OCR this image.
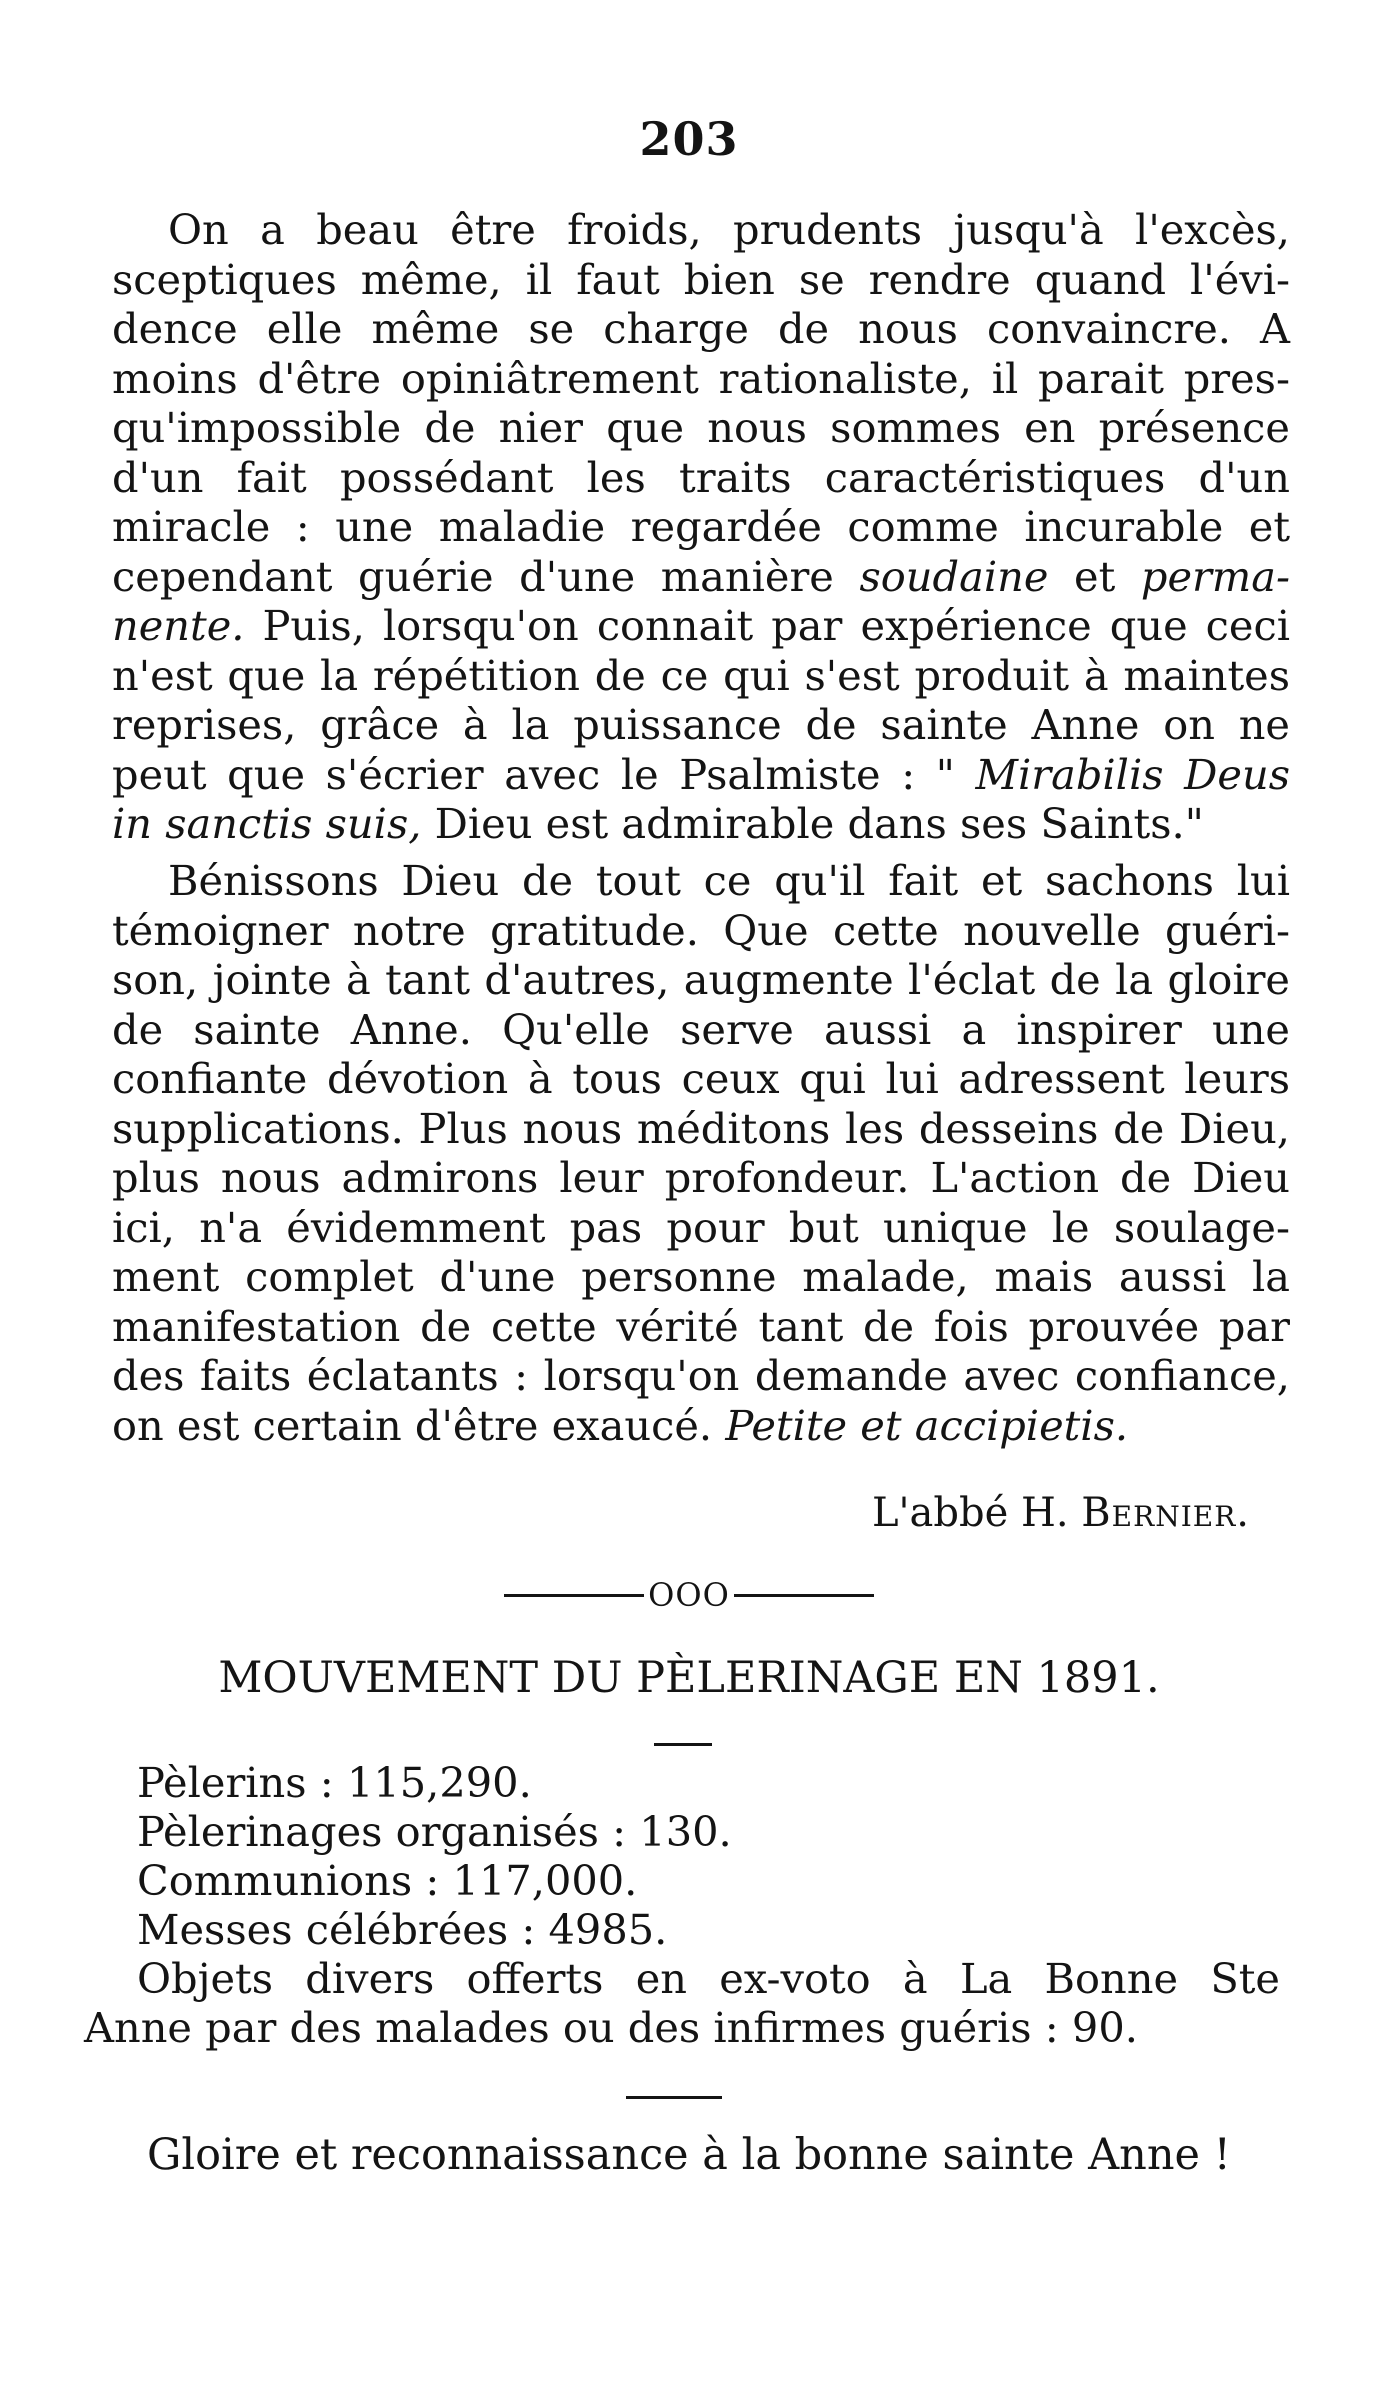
203
On a beau être froids, prudents jusqu'à l'excès,
sceptiques même, il faut bien se rendre quand l'évi-
dence elle même se charge de nous convaincre. A
moins d'être opiniâtrement rationaliste, il parait pres-
qu'impossible de nier que nous sommes en présence
d'un fait possédant les traits caractéristiques d'un
miracle : une maladie regardée comme incurable et
cependant guérie d'une manière soudaine et perma-
nente. Puis, lorsqu'on connait par expérience que ceci
n'est que la répétition de ce qui s'est produit à maintes
reprises, grâce à la puissance de sainte Anne on ne
peut que s'écrier avec le Psalmiste : " Mirabilis Deus
in sanctis suis, Dieu est admirable dans ses Saints."
Bénissons Dieu de tout ce qu'il fait et sachons lui
témoigner notre gratitude. Que cette nouvelle guéri-
son, jointe à tant d'autres, augmente l'éclat de la gloire
de sainte Anne. Qu'elle serve aussi a inspirer une
confiante dévotion à tous ceux qui lui adressent leurs
supplications. Plus nous méditons les desseins de Dieu,
plus nous admirons leur profondeur. L'action de Dieu
ici, n'a évidemment pas pour but unique le soulage-
ment complet d'une personne malade, mais aussi la
manifestation de cette vérité tant de fois prouvée par
des faits éclatants : lorsqu'on demande avec confiance,
on est certain d'être exaucé. Petite et accipietis.
L'abbé H. Bernier.
OOO
MOUVEMENT DU PÈLERINAGE EN 1891.
Pèlerins : 115,290.
Pèlerinages organisés : 130.
Communions : 117,000.
Messes célébrées : 4985.
Objets divers offerts en ex-voto à La Bonne Ste
Anne par des malades ou des infirmes guéris : 90.
Gloire et reconnaissance à la bonne sainte Anne !
